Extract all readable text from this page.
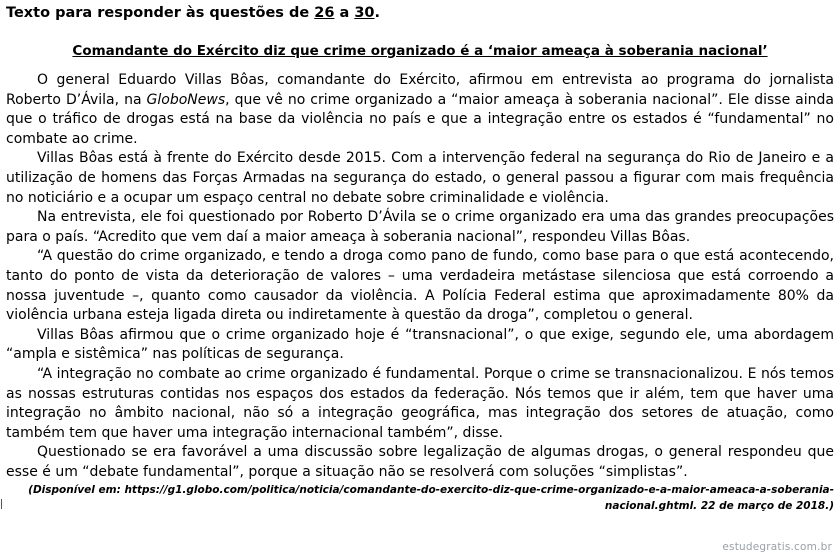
Texto para responder às questões de 26 a 30.
Comandante do Exército diz que crime organizado é a ‘maior ameaça à soberania nacional’

O general Eduardo Villas Bôas, comandante do Exército, afirmou em entrevista ao programa do jornalista Roberto D’Ávila, na GloboNews, que vê no crime organizado a “maior ameaça à soberania nacional”. Ele disse ainda que o tráfico de drogas está na base da violência no país e que a integração entre os estados é “fundamental” no combate ao crime.

Villas Bôas está à frente do Exército desde 2015. Com a intervenção federal na segurança do Rio de Janeiro e a utilização de homens das Forças Armadas na segurança do estado, o general passou a figurar com mais frequência no noticiário e a ocupar um espaço central no debate sobre criminalidade e violência.

Na entrevista, ele foi questionado por Roberto D’Ávila se o crime organizado era uma das grandes preocupações para o país. “Acredito que vem daí a maior ameaça à soberania nacional”, respondeu Villas Bôas.

“A questão do crime organizado, e tendo a droga como pano de fundo, como base para o que está acontecendo, tanto do ponto de vista da deterioração de valores – uma verdadeira metástase silenciosa que está corroendo a nossa juventude –, quanto como causador da violência. A Polícia Federal estima que aproximadamente 80% da violência urbana esteja ligada direta ou indiretamente à questão da droga”, completou o general.

Villas Bôas afirmou que o crime organizado hoje é “transnacional”, o que exige, segundo ele, uma abordagem “ampla e sistêmica” nas políticas de segurança.

“A integração no combate ao crime organizado é fundamental. Porque o crime se transnacionalizou. E nós temos as nossas estruturas contidas nos espaços dos estados da federação. Nós temos que ir além, tem que haver uma integração no âmbito nacional, não só a integração geográfica, mas integração dos setores de atuação, como também tem que haver uma integração internacional também”, disse.

Questionado se era favorável a uma discussão sobre legalização de algumas drogas, o general respondeu que esse é um “debate fundamental”, porque a situação não se resolverá com soluções “simplistas”.

(Disponível em: https://g1.globo.com/politica/noticia/comandante-do-exercito-diz-que-crime-organizado-e-a-maior-ameaca-a-soberania-nacional.ghtml. 22 de março de 2018.)
estudegratis.com.br
